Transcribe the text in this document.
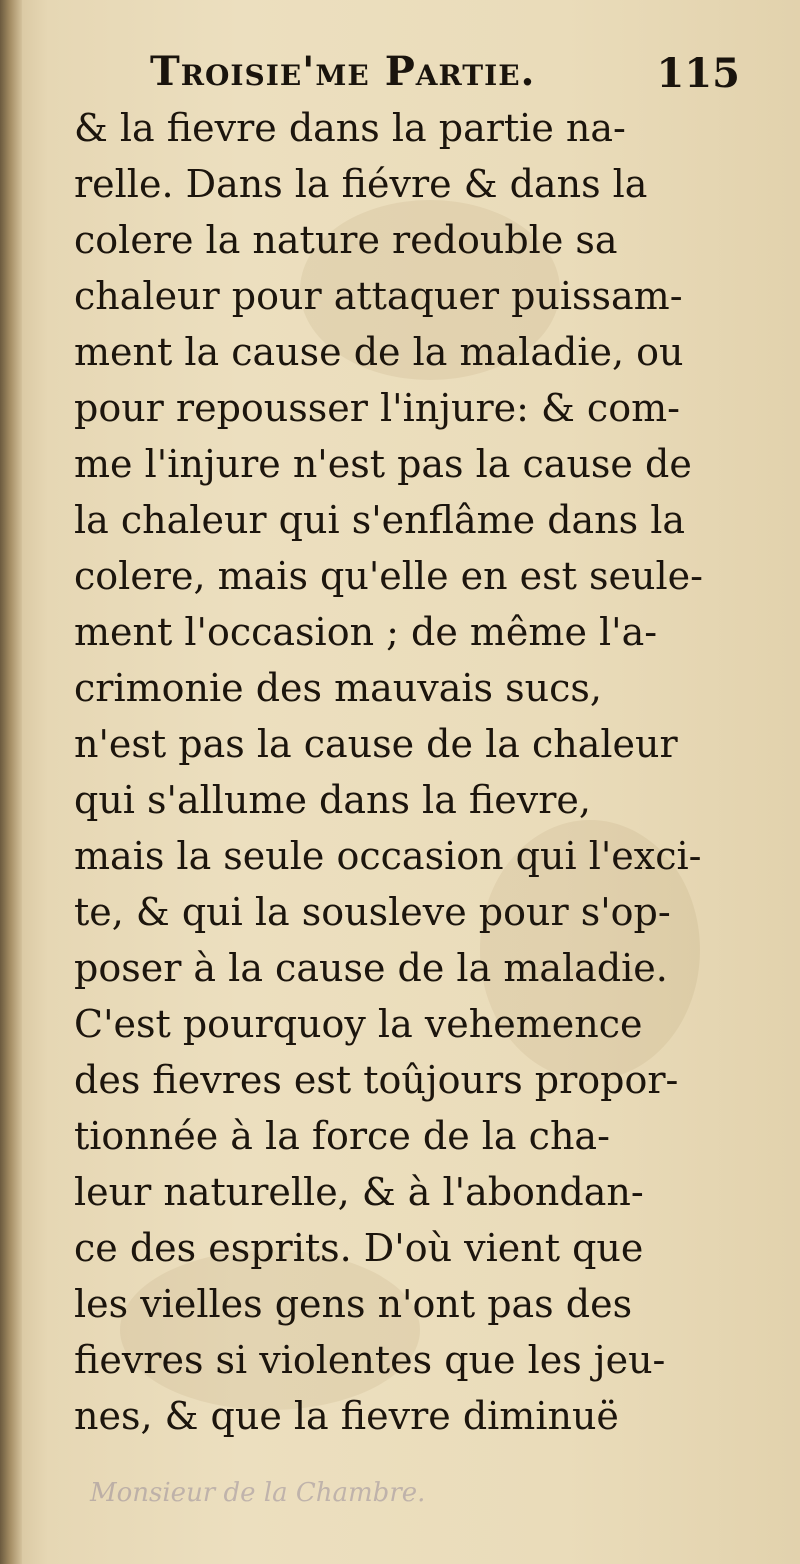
Troisie'me Partie.	115
& la fievre dans la partie na-
relle. Dans la fiévre & dans la
colere la nature redouble sa
chaleur pour attaquer puissam-
ment la cause de la maladie, ou
pour repousser l'injure: & com-
me l'injure n'est pas la cause de
la chaleur qui s'enflâme dans la
colere, mais qu'elle en est seule-
ment l'occasion ; de même l'a-
crimonie des mauvais sucs,
n'est pas la cause de la chaleur
qui s'allume dans la fievre,
mais la seule occasion qui l'exci-
te, & qui la sousleve pour s'op-
poser à la cause de la maladie.
C'est pourquoy la vehemence
des fievres est toûjours propor-
tionnée à la force de la cha-
leur naturelle, & à l'abondan-
ce des esprits. D'où vient que
les vielles gens n'ont pas des
fievres si violentes que les jeu-
nes, & que la fievre diminuë
Monsieur de la Chambre.
